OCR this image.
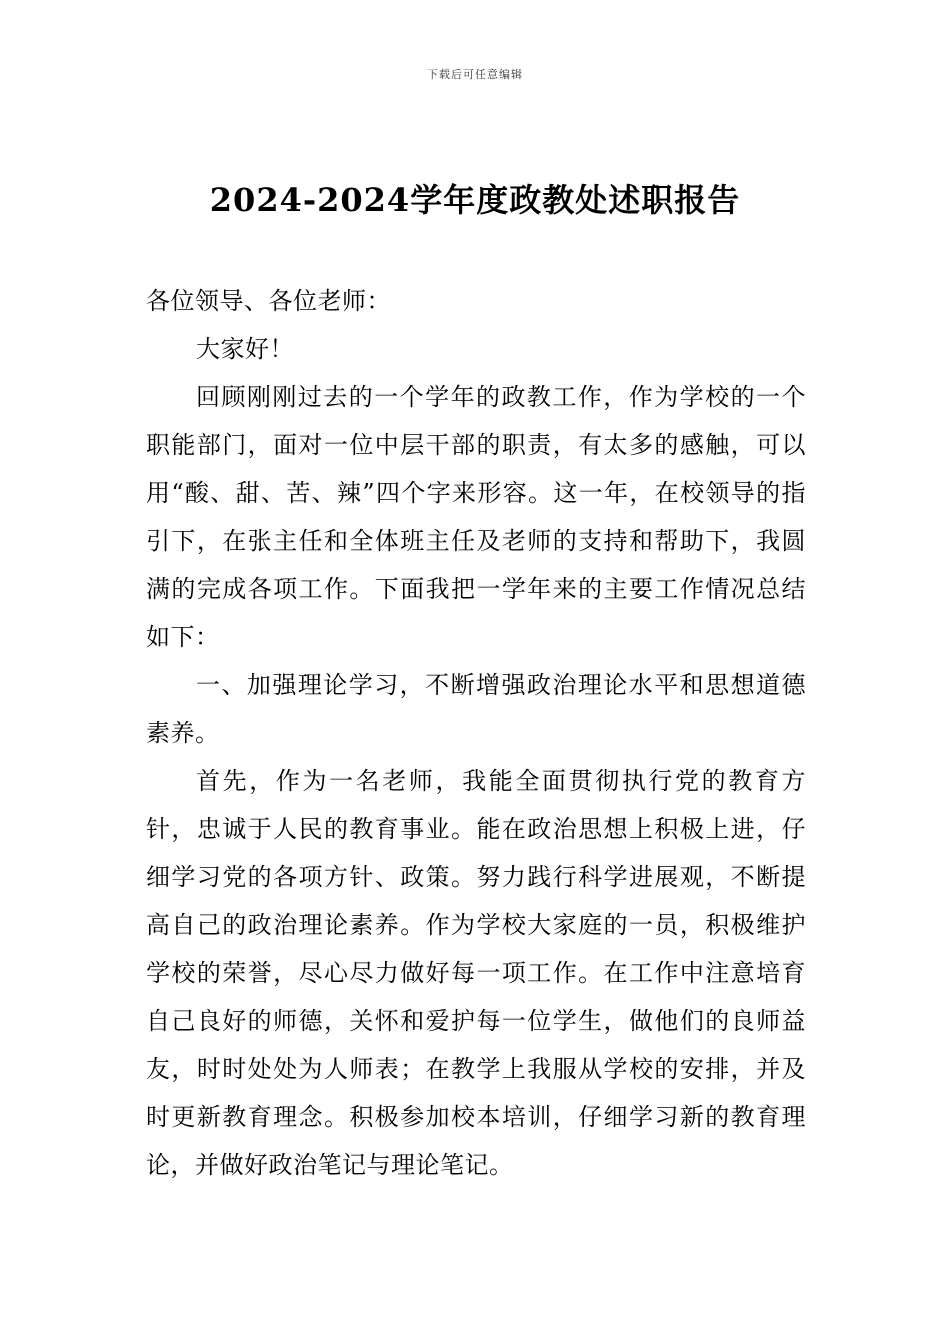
下载后可任意编辑
2024-2024学年度政教处述职报告

各位领导、各位老师：

大家好！

回顾刚刚过去的一个学年的政教工作，作为学校的一个职能部门，面对一位中层干部的职责，有太多的感触，可以用“酸、甜、苦、辣”四个字来形容。这一年，在校领导的指引下，在张主任和全体班主任及老师的支持和帮助下，我圆满的完成各项工作。下面我把一学年来的主要工作情况总结如下：

一、加强理论学习，不断增强政治理论水平和思想道德素养。

首先，作为一名老师，我能全面贯彻执行党的教育方针，忠诚于人民的教育事业。能在政治思想上积极上进，仔细学习党的各项方针、政策。努力践行科学进展观，不断提高自己的政治理论素养。作为学校大家庭的一员，积极维护学校的荣誉，尽心尽力做好每一项工作。在工作中注意培育自己良好的师德，关怀和爱护每一位学生，做他们的良师益友，时时处处为人师表；在教学上我服从学校的安排，并及时更新教育理念。积极参加校本培训，仔细学习新的教育理论，并做好政治笔记与理论笔记。
